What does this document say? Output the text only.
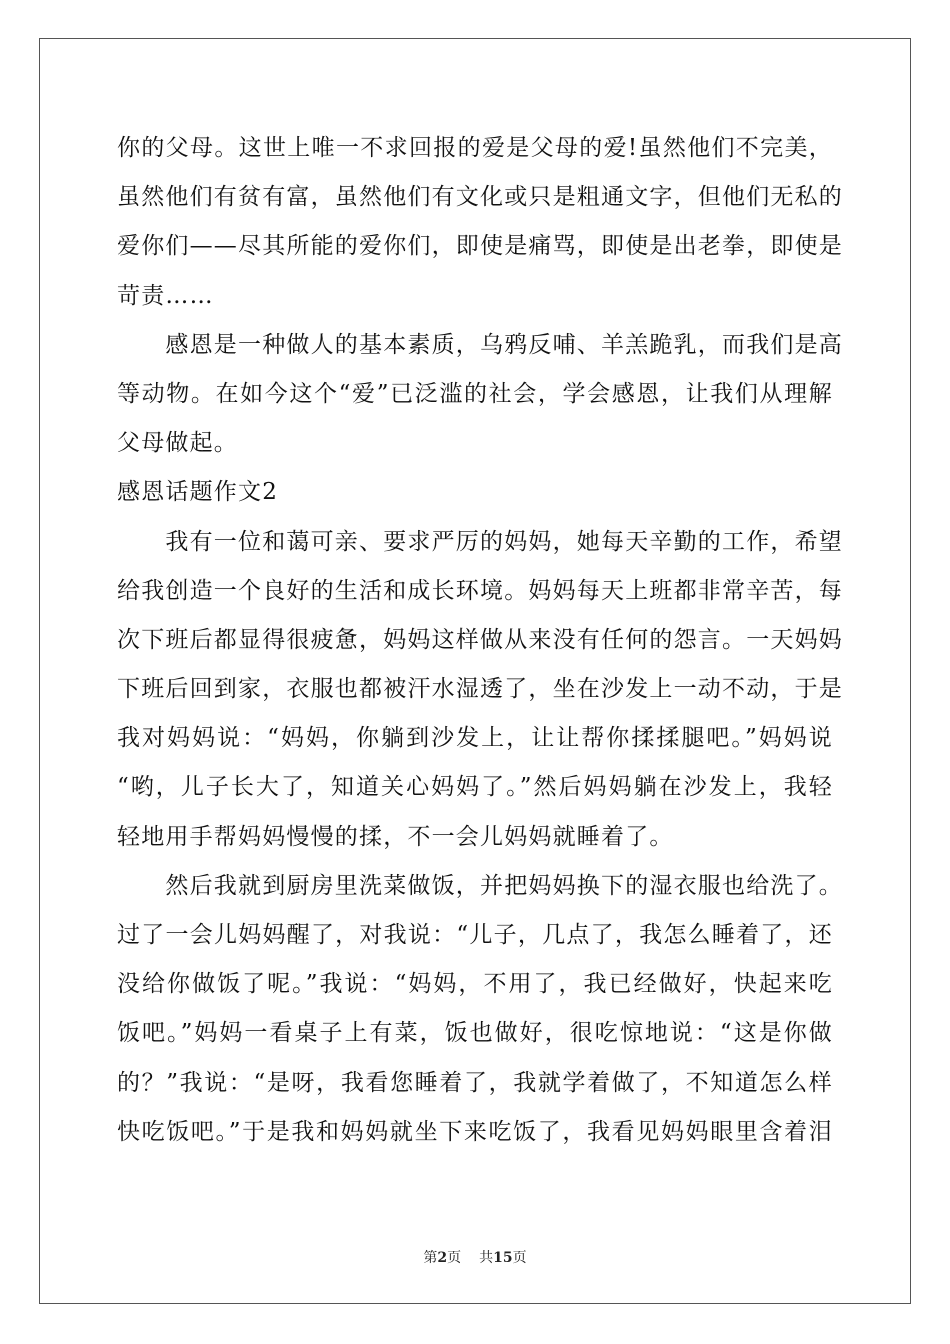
你的父母。这世上唯一不求回报的爱是父母的爱!虽然他们不完美，
虽然他们有贫有富，虽然他们有文化或只是粗通文字，但他们无私的
爱你们——尽其所能的爱你们，即使是痛骂，即使是出老拳，即使是
苛责……
　　感恩是一种做人的基本素质，乌鸦反哺、羊羔跪乳，而我们是高
等动物。在如今这个“爱”已泛滥的社会，学会感恩，让我们从理解
父母做起。
感恩话题作文2
　　我有一位和蔼可亲、要求严厉的妈妈，她每天辛勤的工作，希望
给我创造一个良好的生活和成长环境。妈妈每天上班都非常辛苦，每
次下班后都显得很疲惫，妈妈这样做从来没有任何的怨言。一天妈妈
下班后回到家，衣服也都被汗水湿透了，坐在沙发上一动不动，于是
我对妈妈说：“妈妈，你躺到沙发上，让让帮你揉揉腿吧。”妈妈说
“哟，儿子长大了，知道关心妈妈了。”然后妈妈躺在沙发上，我轻
轻地用手帮妈妈慢慢的揉，不一会儿妈妈就睡着了。
　　然后我就到厨房里洗菜做饭，并把妈妈换下的湿衣服也给洗了。
过了一会儿妈妈醒了，对我说：“儿子，几点了，我怎么睡着了，还
没给你做饭了呢。”我说：“妈妈，不用了，我已经做好，快起来吃
饭吧。”妈妈一看桌子上有菜，饭也做好，很吃惊地说：“这是你做
的？”我说：“是呀，我看您睡着了，我就学着做了，不知道怎么样
快吃饭吧。”于是我和妈妈就坐下来吃饭了，我看见妈妈眼里含着泪
第2页 共15页
